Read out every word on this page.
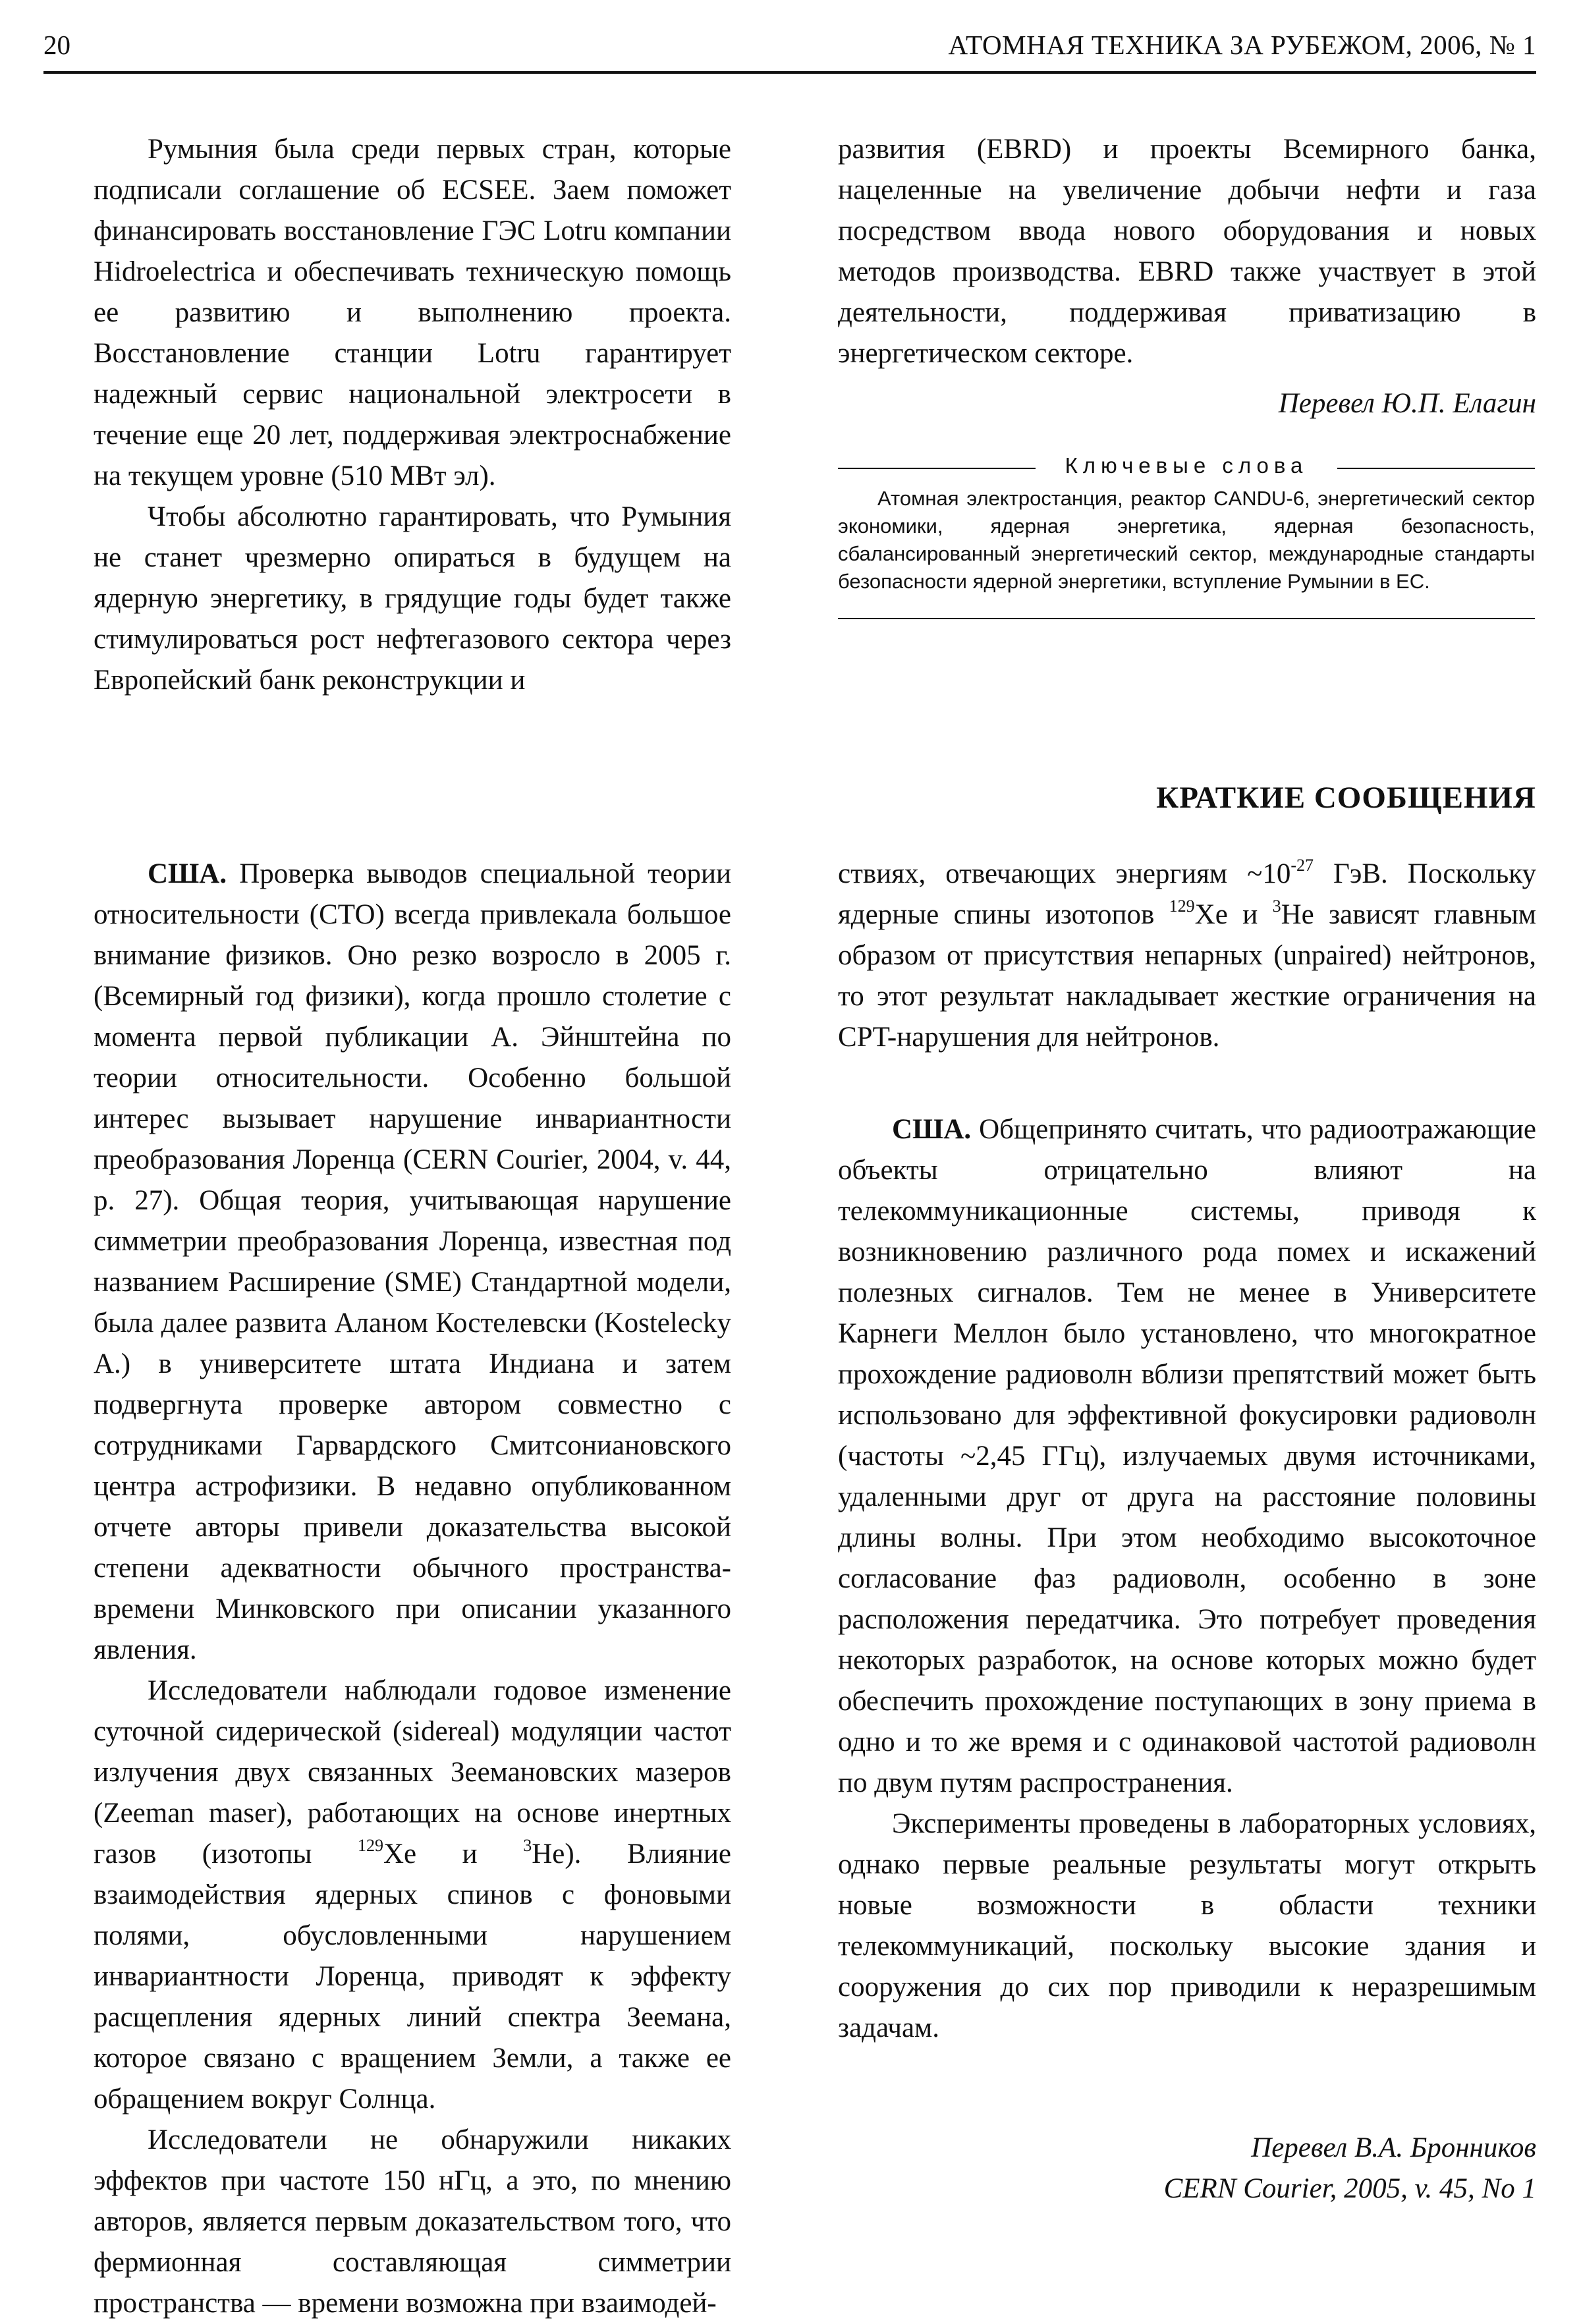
20	АТОМНАЯ ТЕХНИКА ЗА РУБЕЖОМ, 2006, № 1

Румыния была среди первых стран, которые подписали соглашение об ECSEE. Заем поможет финансировать восстановление ГЭС Lotru компании Hidroelectrica и обеспечивать техническую помощь ее развитию и выполнению проекта. Восстановление станции Lotru гарантирует надежный сервис национальной электросети в течение еще 20 лет, поддерживая электроснабжение на текущем уровне (510 МВт эл).

Чтобы абсолютно гарантировать, что Румыния не станет чрезмерно опираться в будущем на ядерную энергетику, в грядущие годы будет также стимулироваться рост нефтегазового сектора через Европейский банк реконструкции и

развития (EBRD) и проекты Всемирного банка, нацеленные на увеличение добычи нефти и газа посредством ввода нового оборудования и новых методов производства. EBRD также участвует в этой деятельности, поддерживая приватизацию в энергетическом секторе.

Перевел Ю.П. Елагин
Ключевые слова

Атомная электростанция, реактор CANDU-6, энергетический сектор экономики, ядерная энергетика, ядерная безопасность, сбалансированный энергетический сектор, международные стандарты безопасности ядерной энергетики, вступление Румынии в ЕС.

КРАТКИЕ СООБЩЕНИЯ

США. Проверка выводов специальной теории относительности (СТО) всегда привлекала большое внимание физиков. Оно резко возросло в 2005 г. (Всемирный год физики), когда прошло столетие с момента первой публикации А. Эйнштейна по теории относительности. Особенно большой интерес вызывает нарушение инвариантности преобразования Лоренца (CERN Courier, 2004, v. 44, p. 27). Общая теория, учитывающая нарушение симметрии преобразования Лоренца, известная под названием Расширение (SME) Стандартной модели, была далее развита Аланом Костелевски (Kostelecky A.) в университете штата Индиана и затем подвергнута проверке автором совместно с сотрудниками Гарвардского Смитсонианoвского центра астрофизики. В недавно опубликованном отчете авторы привели доказательства высокой степени адекватности обычного пространства-времени Минковского при описании указанного явления.

Исследователи наблюдали годовое изменение суточной сидерической (sidereal) модуляции частот излучения двух связанных Зеемановских мазеров (Zeeman maser), работающих на основе инертных газов (изотопы $^{129}$Xe и $^3$He). Влияние взаимодействия ядерных спинов с фоновыми полями, обусловленными нарушением инвариантности Лоренца, приводят к эффекту расщепления ядерных линий спектра Зеемана, которое связано с вращением Земли, а также ее обращением вокруг Солнца.

Исследователи не обнаружили никаких эффектов при частоте 150 нГц, а это, по мнению авторов, является первым доказательством того, что фермионная составляющая симметрии пространства — времени возможна при взаимодей-

ствиях, отвечающих энергиям $\sim 10^{-27}$ ГэВ. Поскольку ядерные спины изотопов $^{129}$Xe и $^3$He зависят главным образом от присутствия непарных (unpaired) нейтронов, то этот результат накладывает жесткие ограничения на CPT-нарушения для нейтронов.

США. Общепринято считать, что радиоотражающие объекты отрицательно влияют на телекоммуникационные системы, приводя к возникновению различного рода помех и искажений полезных сигналов. Тем не менее в Университете Карнеги Меллон было установлено, что многократное прохождение радиоволн вблизи препятствий может быть использовано для эффективной фокусировки радиоволн (частоты ~2,45 ГГц), излучаемых двумя источниками, удаленными друг от друга на расстояние половины длины волны. При этом необходимо высокоточное согласование фаз радиоволн, особенно в зоне расположения передатчика. Это потребует проведения некоторых разработок, на основе которых можно будет обеспечить прохождение поступающих в зону приема в одно и то же время и с одинаковой частотой радиоволн по двум путям распространения.

Эксперименты проведены в лабораторных условиях, однако первые реальные результаты могут открыть новые возможности в области техники телекоммуникаций, поскольку высокие здания и сооружения до сих пор приводили к неразрешимым задачам.

Перевел В.А. Бронников
CERN Courier, 2005, v. 45, No 1
